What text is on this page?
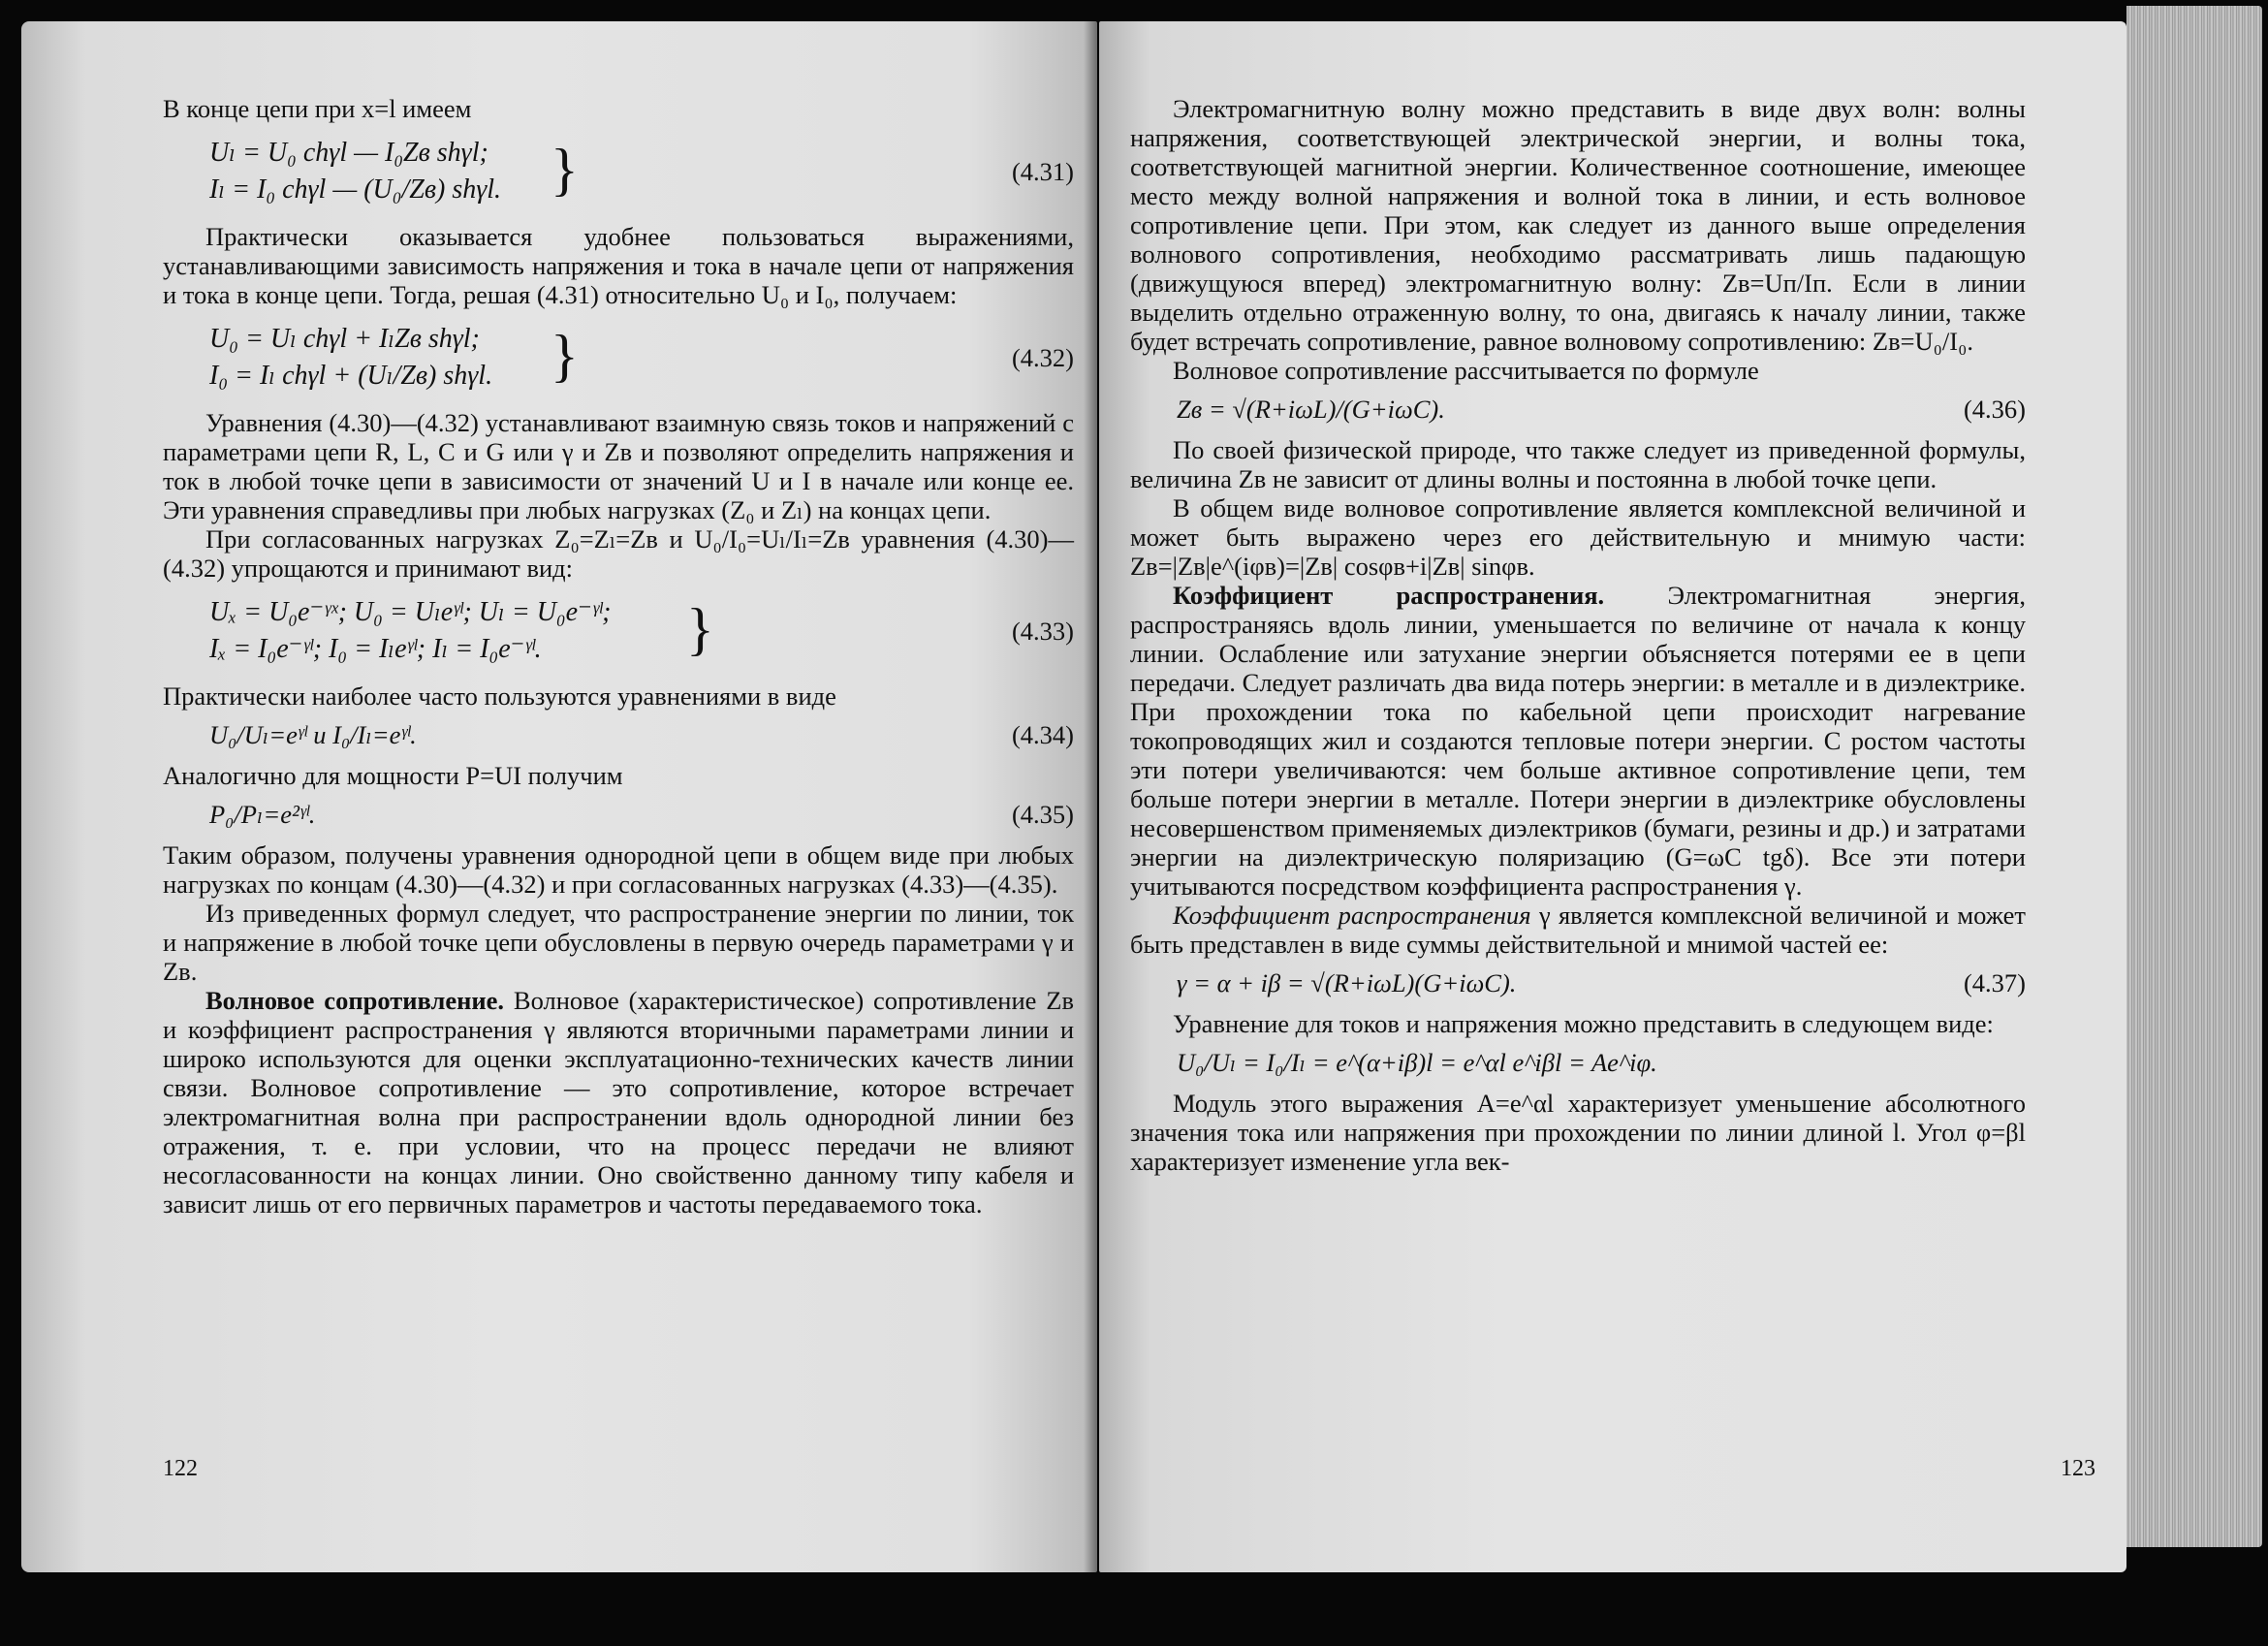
В конце цепи при x=l имеем

Uₗ = U₀ chγl — I₀Zв shγl;
Iₗ = I₀ chγl — (U₀/Zв) shγl. }	(4.31)

Практически оказывается удобнее пользоваться выражениями, устанавливающими зависимость напряжения и тока в начале цепи от напряжения и тока в конце цепи. Тогда, решая (4.31) относительно U₀ и I₀, получаем:

U₀ = Uₗ chγl + IₗZв shγl;
I₀ = Iₗ chγl + (Uₗ/Zв) shγl. }	(4.32)

Уравнения (4.30)—(4.32) устанавливают взаимную связь токов и напряжений с параметрами цепи R, L, C и G или γ и Zв и позволяют определить напряжения и ток в любой точке цепи в зависимости от значений U и I в начале или конце ее. Эти уравнения справедливы при любых нагрузках (Z₀ и Zₗ) на концах цепи.

При согласованных нагрузках Z₀=Zₗ=Zв и U₀/I₀=Uₗ/Iₗ=Zв уравнения (4.30)—(4.32) упрощаются и принимают вид:

Uₓ = U₀e⁻ᵞˣ; U₀ = Uₗeᵞˡ; Uₗ = U₀e⁻ᵞˡ;
Iₓ = I₀e⁻ᵞˡ; I₀ = Iₗeᵞˡ; Iₗ = I₀e⁻ᵞˡ.	}	(4.33)

Практически наиболее часто пользуются уравнениями в виде

U₀/Uₗ=eᵞˡ и I₀/Iₗ=eᵞˡ.	(4.34)

Аналогично для мощности P=UI получим

P₀/Pₗ=e²ᵞˡ.	(4.35)

Таким образом, получены уравнения однородной цепи в общем виде при любых нагрузках по концам (4.30)—(4.32) и при согласованных нагрузках (4.33)—(4.35).

Из приведенных формул следует, что распространение энергии по линии, ток и напряжение в любой точке цепи обусловлены в первую очередь параметрами γ и Zв.

Волновое сопротивление. Волновое (характеристическое) сопротивление Zв и коэффициент распространения γ являются вторичными параметрами линии и широко используются для оценки эксплуатационно-технических качеств линии связи. Волновое сопротивление — это сопротивление, которое встречает электромагнитная волна при распространении вдоль однородной линии без отражения, т. е. при условии, что на процесс передачи не влияют несогласованности на концах линии. Оно свойственно данному типу кабеля и зависит лишь от его первичных параметров и частоты передаваемого тока.

122

Электромагнитную волну можно представить в виде двух волн: волны напряжения, соответствующей электрической энергии, и волны тока, соответствующей магнитной энергии. Количественное соотношение, имеющее место между волной напряжения и волной тока в линии, и есть волновое сопротивление цепи. При этом, как следует из данного выше определения волнового сопротивления, необходимо рассматривать лишь падающую (движущуюся вперед) электромагнитную волну: Zв=Uп/Iп. Если в линии выделить отдельно отраженную волну, то она, двигаясь к началу линии, также будет встречать сопротивление, равное волновому сопротивлению: Zв=U₀/I₀.

Волновое сопротивление рассчитывается по формуле

Zв = √(R+iωL)/(G+iωC).	(4.36)

По своей физической природе, что также следует из приведенной формулы, величина Zв не зависит от длины волны и постоянна в любой точке цепи.

В общем виде волновое сопротивление является комплексной величиной и может быть выражено через его действительную и мнимую части: Zв=|Zв|e^(iφв)=|Zв| cosφв+i|Zв| sinφв.

Коэффициент распространения. Электромагнитная энергия, распространяясь вдоль линии, уменьшается по величине от начала к концу линии. Ослабление или затухание энергии объясняется потерями ее в цепи передачи. Следует различать два вида потерь энергии: в металле и в диэлектрике. При прохождении тока по кабельной цепи происходит нагревание токопроводящих жил и создаются тепловые потери энергии. С ростом частоты эти потери увеличиваются: чем больше активное сопротивление цепи, тем больше потери энергии в металле. Потери энергии в диэлектрике обусловлены несовершенством применяемых диэлектриков (бумаги, резины и др.) и затратами энергии на диэлектрическую поляризацию (G=ωC tgδ). Все эти потери учитываются посредством коэффициента распространения γ.

Коэффициент распространения γ является комплексной величиной и может быть представлен в виде суммы действительной и мнимой частей ее:

γ = α + iβ = √(R+iωL)(G+iωC).	(4.37)

Уравнение для токов и напряжения можно представить в следующем виде:

U₀/Uₗ = I₀/Iₗ = e^(α+iβ)l = e^αl e^iβl = Ae^iφ.

Модуль этого выражения A=e^αl характеризует уменьшение абсолютного значения тока или напряжения при прохождении по линии длиной l. Угол φ=βl характеризует изменение угла век-

123
